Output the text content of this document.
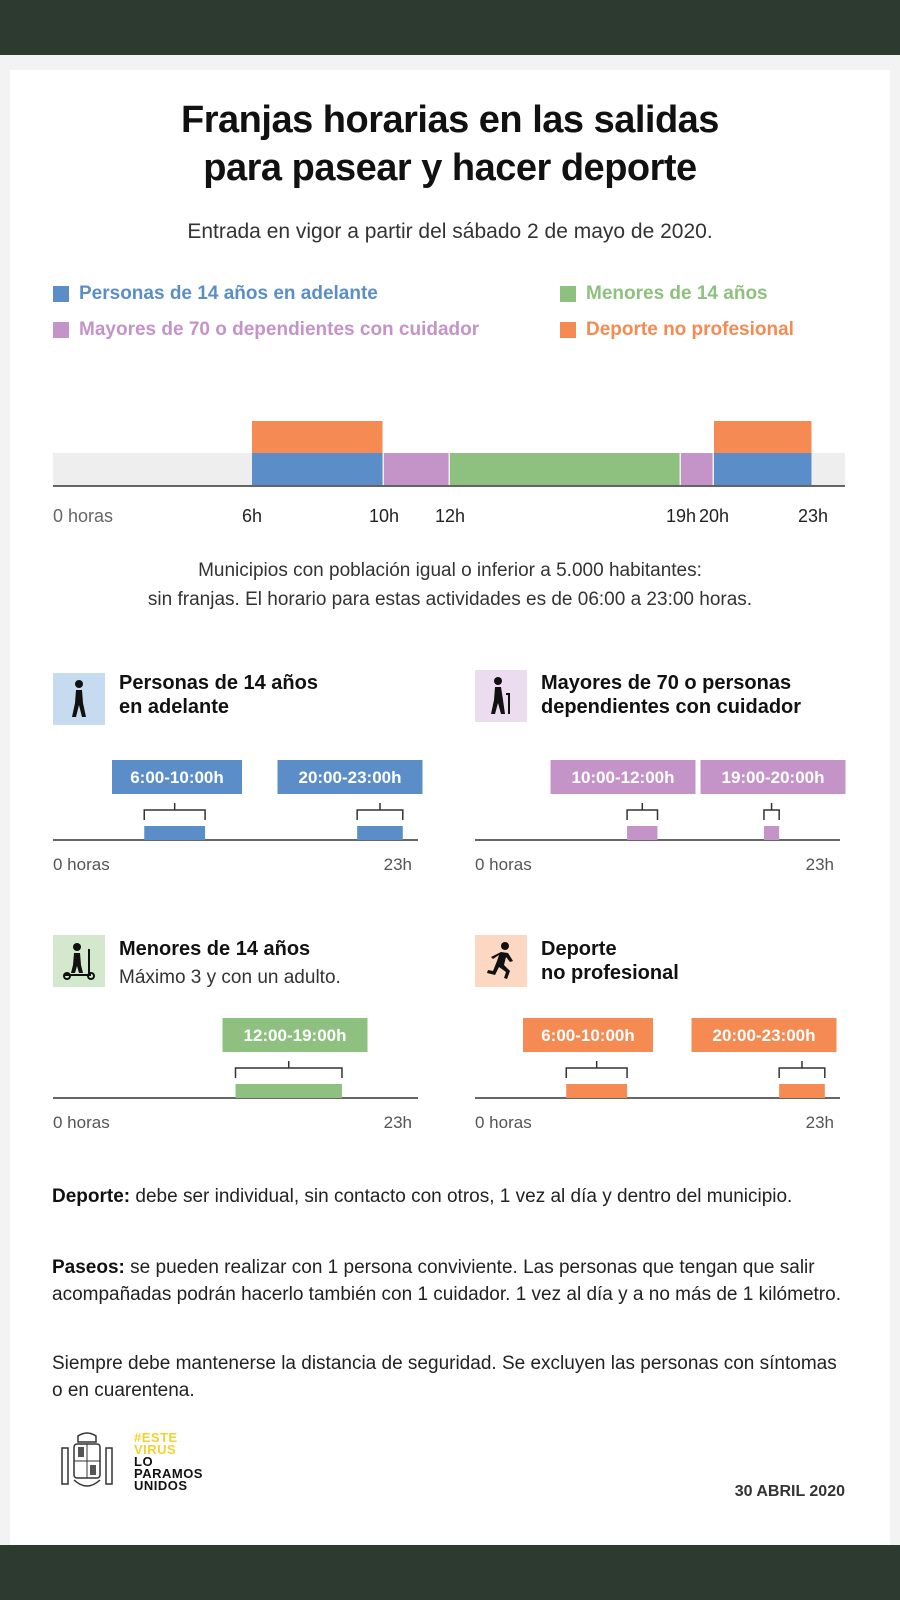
Franjas horarias en las salidas
para pasear y hacer deporte
Entrada en vigor a partir del sábado 2 de mayo de 2020.
Personas de 14 años en adelante	Menores de 14 años
Mayores de 70 o dependientes con cuidador	Deporte no profesional
0 horas	6h	10h 12h	19h 20h	23h
Municipios con población igual o inferior a 5.000 habitantes:
sin franjas. El horario para estas actividades es de 06:00 a 23:00 horas.
Personas de 14 años
en adelante
Mayores de 70 o personas
dependientes con cuidador
Menores de 14 años
Máximo 3 y con un adulto.
Deporte
no profesional
6:00-10:00h	20:00-23:00h
0 horas	23h
10:00-12:00h	19:00-20:00h
0 horas	23h
12:00-19:00h
0 horas	23h
6:00-10:00h	20:00-23:00h
0 horas	23h
Deporte: debe ser individual, sin contacto con otros, 1 vez al día y dentro del municipio.
Paseos: se pueden realizar con 1 persona conviviente. Las personas que tengan que salir acompañadas podrán hacerlo también con 1 cuidador. 1 vez al día y a no más de 1 kilómetro.
Siempre debe mantenerse la distancia de seguridad. Se excluyen las personas con síntomas o en cuarentena.
#ESTE
VIRUS
LO
PARAMOS
UNIDOS	30 ABRIL 2020
